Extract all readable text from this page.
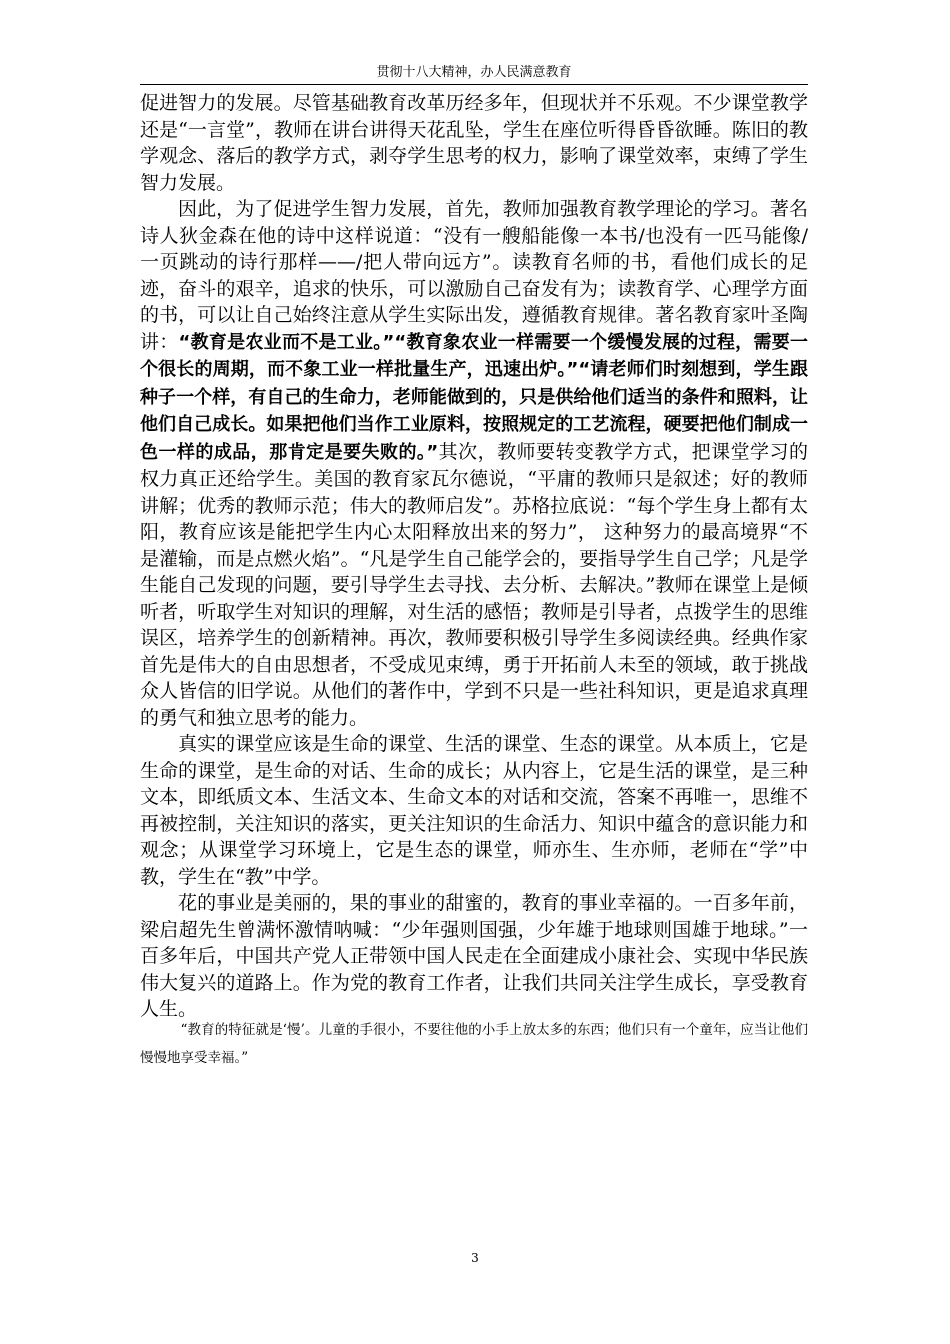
贯彻十八大精神，办人民满意教育

促进智力的发展。尽管基础教育改革历经多年，但现状并不乐观。不少课堂教学还是“一言堂”，教师在讲台讲得天花乱坠，学生在座位听得昏昏欲睡。陈旧的教学观念、落后的教学方式，剥夺学生思考的权力，影响了课堂效率，束缚了学生智力发展。

因此，为了促进学生智力发展，首先，教师加强教育教学理论的学习。著名诗人狄金森在他的诗中这样说道：“没有一艘船能像一本书/也没有一匹马能像/一页跳动的诗行那样——/把人带向远方”。读教育名师的书，看他们成长的足迹，奋斗的艰辛，追求的快乐，可以激励自己奋发有为；读教育学、心理学方面的书，可以让自己始终注意从学生实际出发，遵循教育规律。著名教育家叶圣陶讲：“教育是农业而不是工业。”“教育象农业一样需要一个缓慢发展的过程，需要一个很长的周期，而不象工业一样批量生产，迅速出炉。”“请老师们时刻想到，学生跟种子一个样，有自己的生命力，老师能做到的，只是供给他们适当的条件和照料，让他们自己成长。如果把他们当作工业原料，按照规定的工艺流程，硬要把他们制成一色一样的成品，那肯定是要失败的。”其次，教师要转变教学方式，把课堂学习的权力真正还给学生。美国的教育家瓦尔德说，“平庸的教师只是叙述；好的教师讲解；优秀的教师示范；伟大的教师启发”。苏格拉底说：“每个学生身上都有太阳，教育应该是能把学生内心太阳释放出来的努力”， 这种努力的最高境界“不是灌输，而是点燃火焰”。“凡是学生自己能学会的，要指导学生自己学；凡是学生能自己发现的问题，要引导学生去寻找、去分析、去解决。”教师在课堂上是倾听者，听取学生对知识的理解，对生活的感悟；教师是引导者，点拨学生的思维误区，培养学生的创新精神。再次，教师要积极引导学生多阅读经典。经典作家首先是伟大的自由思想者，不受成见束缚，勇于开拓前人未至的领域，敢于挑战众人皆信的旧学说。从他们的著作中，学到不只是一些社科知识，更是追求真理的勇气和独立思考的能力。

真实的课堂应该是生命的课堂、生活的课堂、生态的课堂。从本质上，它是生命的课堂，是生命的对话、生命的成长；从内容上，它是生活的课堂，是三种文本，即纸质文本、生活文本、生命文本的对话和交流，答案不再唯一，思维不再被控制，关注知识的落实，更关注知识的生命活力、知识中蕴含的意识能力和观念；从课堂学习环境上，它是生态的课堂，师亦生、生亦师，老师在“学”中教，学生在“教”中学。

花的事业是美丽的，果的事业的甜蜜的，教育的事业幸福的。一百多年前，梁启超先生曾满怀激情呐喊：“少年强则国强，少年雄于地球则国雄于地球。”一百多年后，中国共产党人正带领中国人民走在全面建成小康社会、实现中华民族伟大复兴的道路上。作为党的教育工作者，让我们共同关注学生成长，享受教育人生。

“教育的特征就是‘慢’。儿童的手很小，不要往他的小手上放太多的东西；他们只有一个童年，应当让他们慢慢地享受幸福。”
3
